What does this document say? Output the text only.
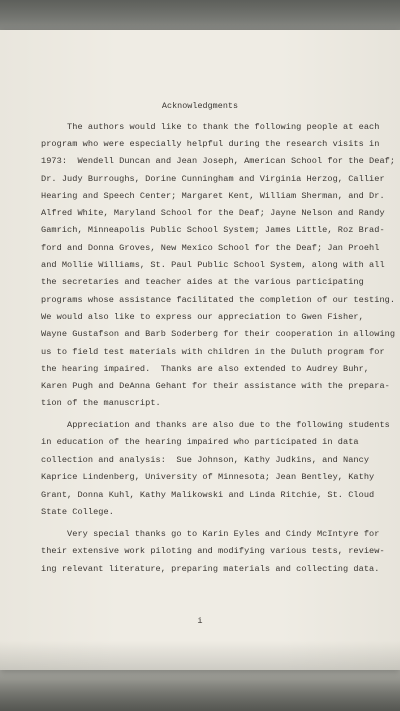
Acknowledgments
The authors would like to thank the following people at each
program who were especially helpful during the research visits in
1973:  Wendell Duncan and Jean Joseph, American School for the Deaf;
Dr. Judy Burroughs, Dorine Cunningham and Virginia Herzog, Callier
Hearing and Speech Center; Margaret Kent, William Sherman, and Dr.
Alfred White, Maryland School for the Deaf; Jayne Nelson and Randy
Gamrich, Minneapolis Public School System; James Little, Roz Brad-
ford and Donna Groves, New Mexico School for the Deaf; Jan Proehl
and Mollie Williams, St. Paul Public School System, along with all
the secretaries and teacher aides at the various participating
programs whose assistance facilitated the completion of our testing.
We would also like to express our appreciation to Gwen Fisher,
Wayne Gustafson and Barb Soderberg for their cooperation in allowing
us to field test materials with children in the Duluth program for
the hearing impaired.  Thanks are also extended to Audrey Buhr,
Karen Pugh and DeAnna Gehant for their assistance with the prepara-
tion of the manuscript.
Appreciation and thanks are also due to the following students
in education of the hearing impaired who participated in data
collection and analysis:  Sue Johnson, Kathy Judkins, and Nancy
Kaprice Lindenberg, University of Minnesota; Jean Bentley, Kathy
Grant, Donna Kuhl, Kathy Malikowski and Linda Ritchie, St. Cloud
State College.
Very special thanks go to Karin Eyles and Cindy McIntyre for
their extensive work piloting and modifying various tests, review-
ing relevant literature, preparing materials and collecting data.
i
